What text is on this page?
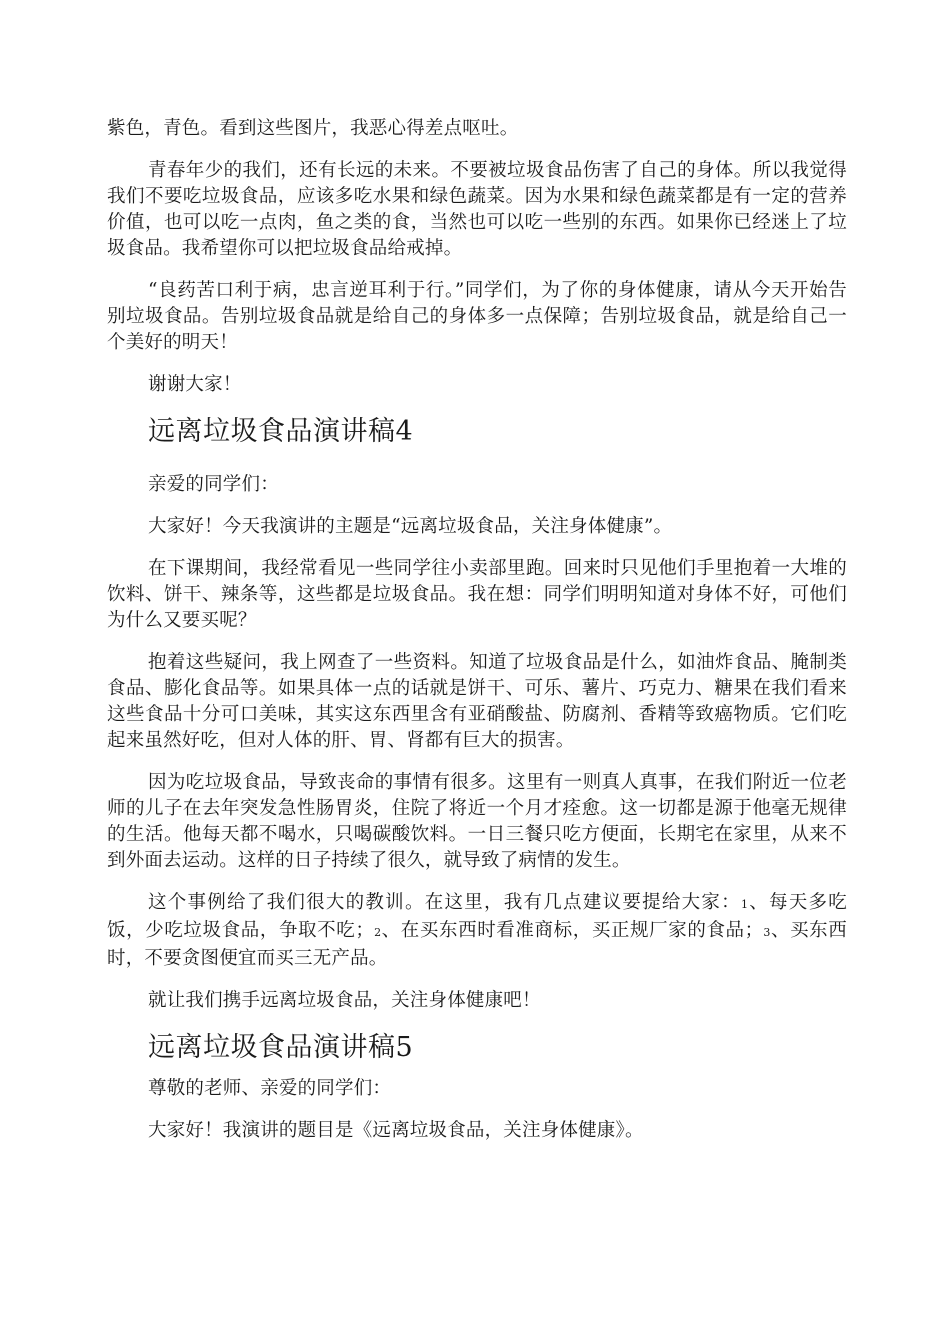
紫色，青色。看到这些图片，我恶心得差点呕吐。

青春年少的我们，还有长远的未来。不要被垃圾食品伤害了自己的身体。所以我觉得我们不要吃垃圾食品，应该多吃水果和绿色蔬菜。因为水果和绿色蔬菜都是有一定的营养价值，也可以吃一点肉，鱼之类的食，当然也可以吃一些别的东西。如果你已经迷上了垃圾食品。我希望你可以把垃圾食品给戒掉。

“良药苦口利于病，忠言逆耳利于行。”同学们，为了你的身体健康，请从今天开始告别垃圾食品。告别垃圾食品就是给自己的身体多一点保障；告别垃圾食品，就是给自己一个美好的明天！

谢谢大家！

远离垃圾食品演讲稿4

亲爱的同学们：

大家好！今天我演讲的主题是“远离垃圾食品，关注身体健康”。

在下课期间，我经常看见一些同学往小卖部里跑。回来时只见他们手里抱着一大堆的饮料、饼干、辣条等，这些都是垃圾食品。我在想：同学们明明知道对身体不好，可他们为什么又要买呢？

抱着这些疑问，我上网查了一些资料。知道了垃圾食品是什么，如油炸食品、腌制类食品、膨化食品等。如果具体一点的话就是饼干、可乐、薯片、巧克力、糖果在我们看来这些食品十分可口美味，其实这东西里含有亚硝酸盐、防腐剂、香精等致癌物质。它们吃起来虽然好吃，但对人体的肝、胃、肾都有巨大的损害。

因为吃垃圾食品，导致丧命的事情有很多。这里有一则真人真事，在我们附近一位老师的儿子在去年突发急性肠胃炎，住院了将近一个月才痊愈。这一切都是源于他毫无规律的生活。他每天都不喝水，只喝碳酸饮料。一日三餐只吃方便面，长期宅在家里，从来不到外面去运动。这样的日子持续了很久，就导致了病情的发生。

这个事例给了我们很大的教训。在这里，我有几点建议要提给大家：1、每天多吃饭，少吃垃圾食品，争取不吃；2、在买东西时看准商标，买正规厂家的食品；3、买东西时，不要贪图便宜而买三无产品。

就让我们携手远离垃圾食品，关注身体健康吧！

远离垃圾食品演讲稿5

尊敬的老师、亲爱的同学们：

大家好！我演讲的题目是《远离垃圾食品，关注身体健康》。
